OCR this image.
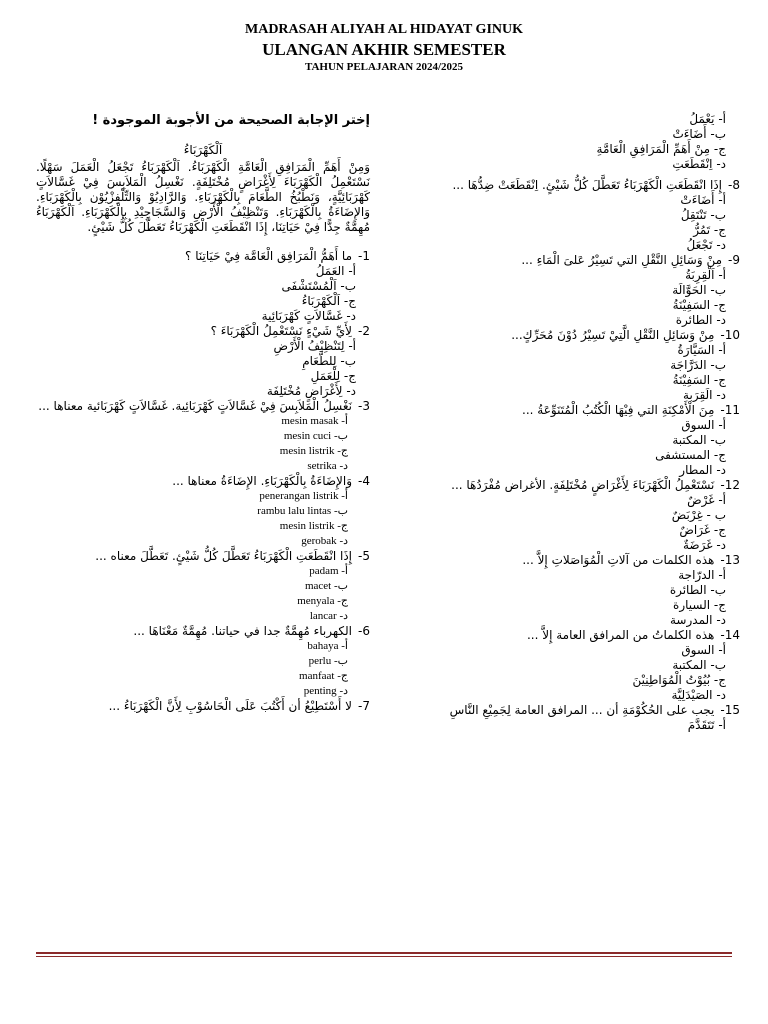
MADRASAH ALIYAH AL HIDAYAT GINUK
ULANGAN AKHIR SEMESTER
TAHUN PELAJARAN 2024/2025
إختر الإجابة الصحيحة من الأجوبة الموجودة !
اَلْكَهْرَبَاءُ
وَمِنْ أَهَمِّ الْمَرَافِقِ الْعَامَّةِ الْكَهْرَبَاءُ. اَلْكَهْرَبَاءُ تَجْعَلُ الْعَمَلَ سَهْلًا. نَسْتَعْمِلُ الْكَهْرَبَاءَ لِأَغْرَاضٍ مُخْتَلِفَةٍ. نَغْسِلُ الْمَلاَبِسَ فِيْ غَسَّالاَتٍ كَهْرَبَائِيَّةٍ، وَنَطْبُخُ الطَّعَامَ بِالْكَهْرَبَاءِ. وَالرَّادِيُوْ وَالتِّلْفِزْيُوْن بِالْكَهْرَبَاءِ. وَالإِضَاءَةُ بِالْكَهْرَبَاءِ. وَتَنْظِيْفُ الْأَرْضِ وَالسَّجَاجِيْدِ بِالْكَهْرَبَاءِ. اَلْكَهْرَبَاءُ مُهِمَّةٌ جِدًّا فِيْ حَيَاتِنَا، إِذَا انْقَطَعَتِ الْكَهْرَبَاءُ تَعَطَّلَ كُلُّ شَيْئٍ.
1-
ما أَهَمُّ الْمَرَافِق الْعَامَّة فِيْ حَيَاتِنَا ؟
أ- العَمَلُ
ب- اَلْمُسْتَشْفَى
ج- اَلْكَهْرَبَاءُ
د- غَسَّالاَتٍ كَهْرَبَائِية
2-
لِأَيِّ شَيْءٍ نَسْتَعْمِلُ الْكَهْرَبَاءَ ؟
أ- لِتَنْظِيْفُ الْأَرْضِ
ب- لِلطَّعَامِ
ج- لِلْعَمَلِ
د- لِأَغْرَاضٍ مُخْتَلِفَة
3-
نَغْسِلُ الْمَلاَبِسَ فِيْ غَسَّالاَتٍ كَهْرَبَائِية. غَسَّالاَتٍ كَهْرَبَائية معناها ...
أ- mesin masak
ب- mesin cuci
ج- mesin listrik
د- setrika
4-
وَالإِضَاءَةُ بِالْكَهْرَبَاءِ. الإِضَاءَةُ معناها ...
أ- penerangan listrik
ب- rambu lalu lintas
ج- mesin listrik
د- gerobak
5-
إِذَا انْقَطَعَتِ الْكَهْرَبَاءُ تَعَطَّلَ كُلُّ شَيْئٍ. تَعَطَّلَ معناه ...
أ- padam
ب- macet
ج- menyala
د- lancar
6-
الكهرباء مُهِمَّةٌ جدا في حياتنا. مُهِمَّةٌ مَعْنَاهَا ...
أ- bahaya
ب- perlu
ج- manfaat
د- penting
7-
لا أَسْتَطِيْعُ أن أَكْتُبَ عَلَى الْحَاسُوْبِ لِأَنَّ الْكَهْرَبَاءُ ...
أ- يَعْمَلُ
ب- أَضَاءَتْ
ج- مِنْ أَهَمِّ الْمَرَافِقِ الْعَامَّةِ
د- اِنْقَطَعَتِ
8-
إِذَا انْقَطَعَتِ الْكَهْرَبَاءُ تَعَطَّلَ كُلُّ شَيْئٍ. اِنْقَطَعَتْ ضِدُّهَا ...
أ- أَضَاءَتْ
ب- تَنْتَقِلُ
ج- تَمُرُّ
د- تَجْعَلُ
9-
مِنْ وَسَائِلِ النَّقْلِ التي تَسِيْرُ عَلىَ الْمَاءِ ...
أ- اَلْقِرِبَةُ
ب- الحَوَّالَة
ج- السَفِيْنَةُ
د- الطائرة
10-
مِنْ وَسَائِلِ النَّقْلِ الَّتِيْ تَسِيْرُ دُوْنَ مُحَرِّكٍ...
أ- السَيَّارَةُ
ب- الدَرَّاجَة
ج- السَفِيْنَةُ
د- الَقِرَبة
11-
مِنَ الْأَمْكِنَةِ التي فِيْهَا الْكُتُبُ الْمُتَنَوِّعَةُ ...
أ- السوق
ب- المكتبة
ج- المستشفى
د- المطار
12-
نَسْتَعْمِلُ الْكَهْرَبَاءَ لِأَغْرَاضٍ مُخْتَلِفَةٍ. الأغراض مُفْرَدُهَا ...
أ- غَرْضٌ
ب - غِرْبَضٌ
ج- غَرَاضٌ
د- غَرَضَةٌ
13-
هذه الكلمات من آلاتِ الْمُوَاصَلاتِ إِلاَّ ...
أ- الدرّاجة
ب- الطائرة
ج- السيارة
د- المدرسة
14-
هذه الكلماتُ من المرافق العامة إِلاَّ ...
أ- السوق
ب- المكتبة
ج- بُيُوْتُ الْمُوَاطِنِيْنَ
د- الصَيْدَلِيَّة
15-
يجب على الحُكُوْمَةِ أن ... المرافق العامة لِجَمِيْعِ النَّاسِ
أ- تَتَقَدَّمَ
